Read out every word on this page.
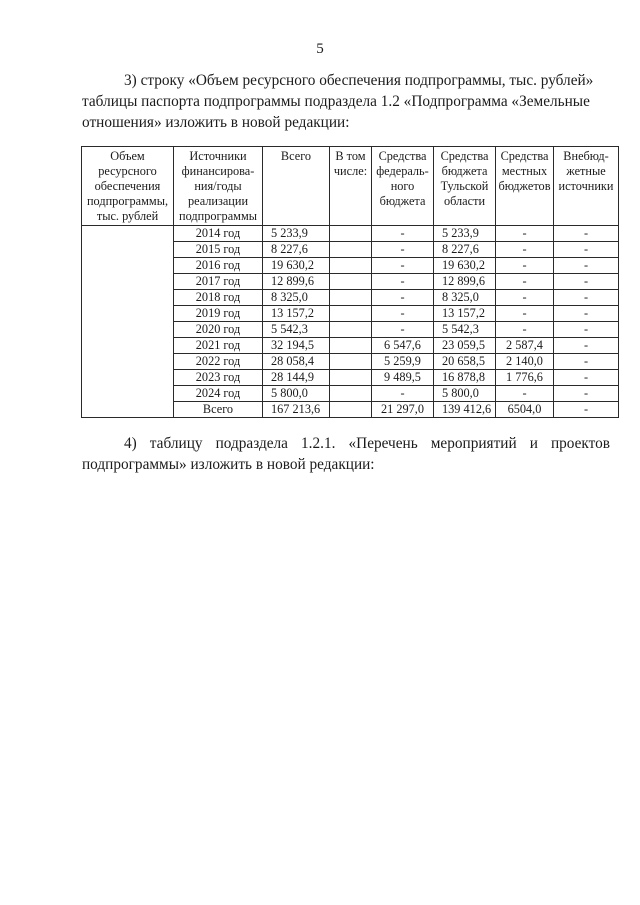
5

3) строку «Объем ресурсного обеспечения подпрограммы, тыс. рублей»
таблицы паспорта подпрограммы подраздела 1.2 «Подпрограмма «Земельные
отношения» изложить в новой редакции:

Объем
ресурсного
обеспечения
подпрограммы,
тыс. рублей	Источники
финансирова-
ния/годы
реализации
подпрограммы	Всего	В том
числе:	Средства
федераль-
ного
бюджета	Средства
бюджета
Тульской
области	Средства
местных
бюджетов	Внебюд-
жетные
источники

	2014 год	5 233,9		-	5 233,9	-	-
	2015 год	8 227,6		-	8 227,6	-	-
	2016 год	19 630,2		-	19 630,2	-	-
	2017 год	12 899,6		-	12 899,6	-	-
	2018 год	8 325,0		-	8 325,0	-	-
	2019 год	13 157,2		-	13 157,2	-	-
	2020 год	5 542,3		-	5 542,3	-	-
	2021 год	32 194,5		6 547,6	23 059,5	2 587,4	-
	2022 год	28 058,4		5 259,9	20 658,5	2 140,0	-
	2023 год	28 144,9		9 489,5	16 878,8	1 776,6	-
	2024 год	5 800,0		-	5 800,0	-	-
	Всего	167 213,6		21 297,0	139 412,6	6504,0	-

4) таблицу подраздела 1.2.1. «Перечень мероприятий и проектов
подпрограммы» изложить в новой редакции:
